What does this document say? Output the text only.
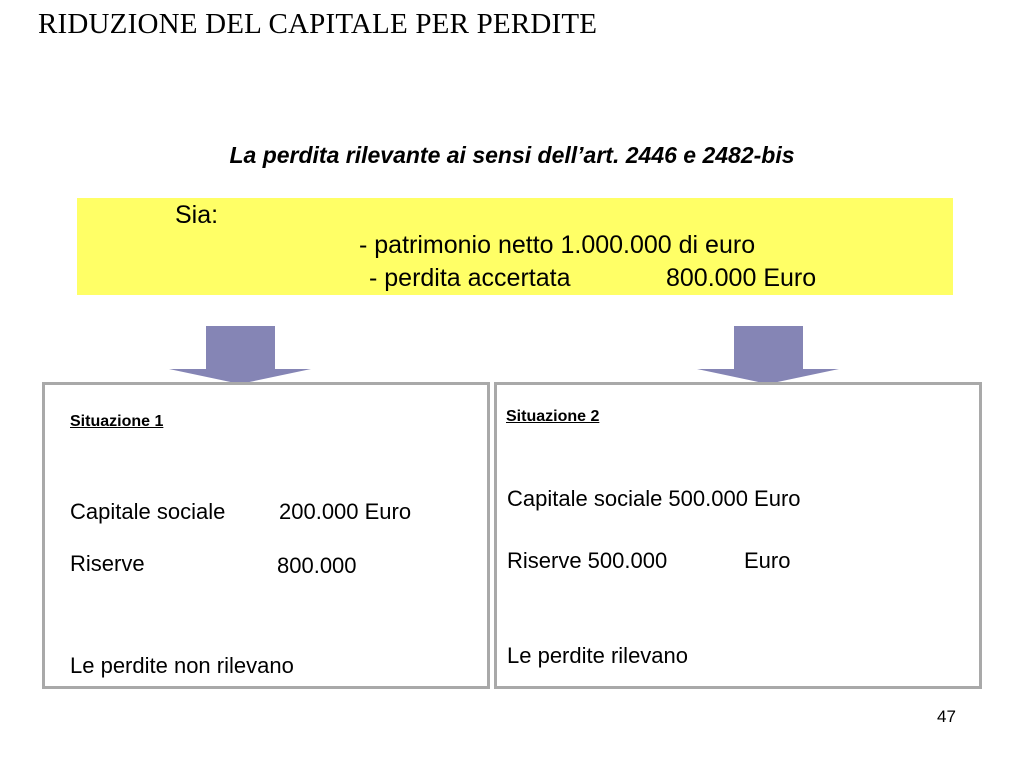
RIDUZIONE DEL CAPITALE PER PERDITE
La perdita rilevante ai sensi dell’art. 2446 e 2482-bis
Sia:
- patrimonio netto 1.000.000 di euro
- perdita accertata	800.000 Euro
Situazione 1
Capitale sociale 200.000 Euro
Riserve	800.000
Le perdite non rilevano
Situazione 2
Capitale sociale 500.000 Euro
Riserve 500.000	Euro
Le perdite rilevano
47
